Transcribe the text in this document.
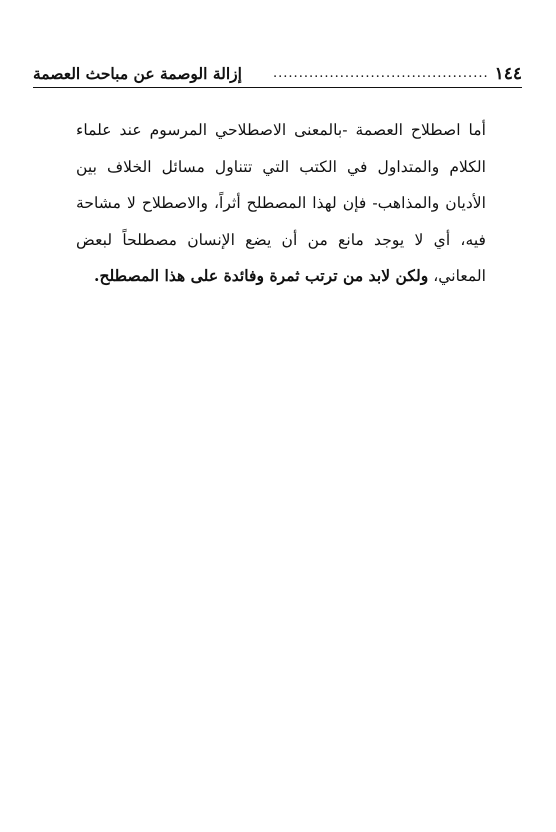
١٤٤
..........................................
إزالة الوصمة عن مباحث العصمة
أما اصطلاح العصمة -بالمعنى الاصطلاحي المرسوم عند علماء الكلام والمتداول في الكتب التي تتناول مسائل الخلاف بين الأديان والمذاهب- فإن لهذا المصطلح أثراً، والاصطلاح لا مشاحة فيه، أي لا يوجد مانع من أن يضع الإنسان مصطلحاً لبعض المعاني، ولكن لابد من ترتب ثمرة وفائدة على هذا المصطلح.
